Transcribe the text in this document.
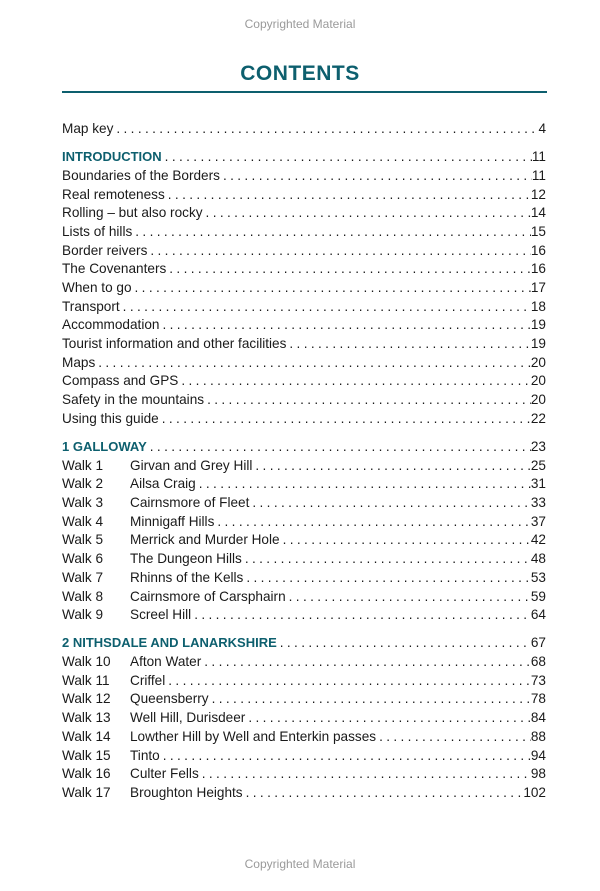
Copyrighted Material
CONTENTS
Map key . . .	4
INTRODUCTION . . .	11
Boundaries of the Borders . . .	11
Real remoteness . . .	12
Rolling – but also rocky . . .	14
Lists of hills . . .	15
Border reivers . . .	16
The Covenanters . . .	16
When to go . . .	17
Transport . . .	18
Accommodation . . .	19
Tourist information and other facilities . . .	19
Maps . . .	20
Compass and GPS . . .	20
Safety in the mountains . . .	20
Using this guide . . .	22
1 GALLOWAY . . .	23
Walk 1	Girvan and Grey Hill . . .	25
Walk 2	Ailsa Craig . . .	31
Walk 3	Cairnsmore of Fleet . . .	33
Walk 4	Minnigaff Hills . . .	37
Walk 5	Merrick and Murder Hole . . .	42
Walk 6	The Dungeon Hills . . .	48
Walk 7	Rhinns of the Kells . . .	53
Walk 8	Cairnsmore of Carsphairn . . .	59
Walk 9	Screel Hill . . .	64
2 NITHSDALE AND LANARKSHIRE . . .	67
Walk 10	Afton Water . . .	68
Walk 11	Criffel . . .	73
Walk 12	Queensberry . . .	78
Walk 13	Well Hill, Durisdeer . . .	84
Walk 14	Lowther Hill by Well and Enterkin passes . . .	88
Walk 15	Tinto . . .	94
Walk 16	Culter Fells . . .	98
Walk 17	Broughton Heights . . .	102
Copyrighted Material
